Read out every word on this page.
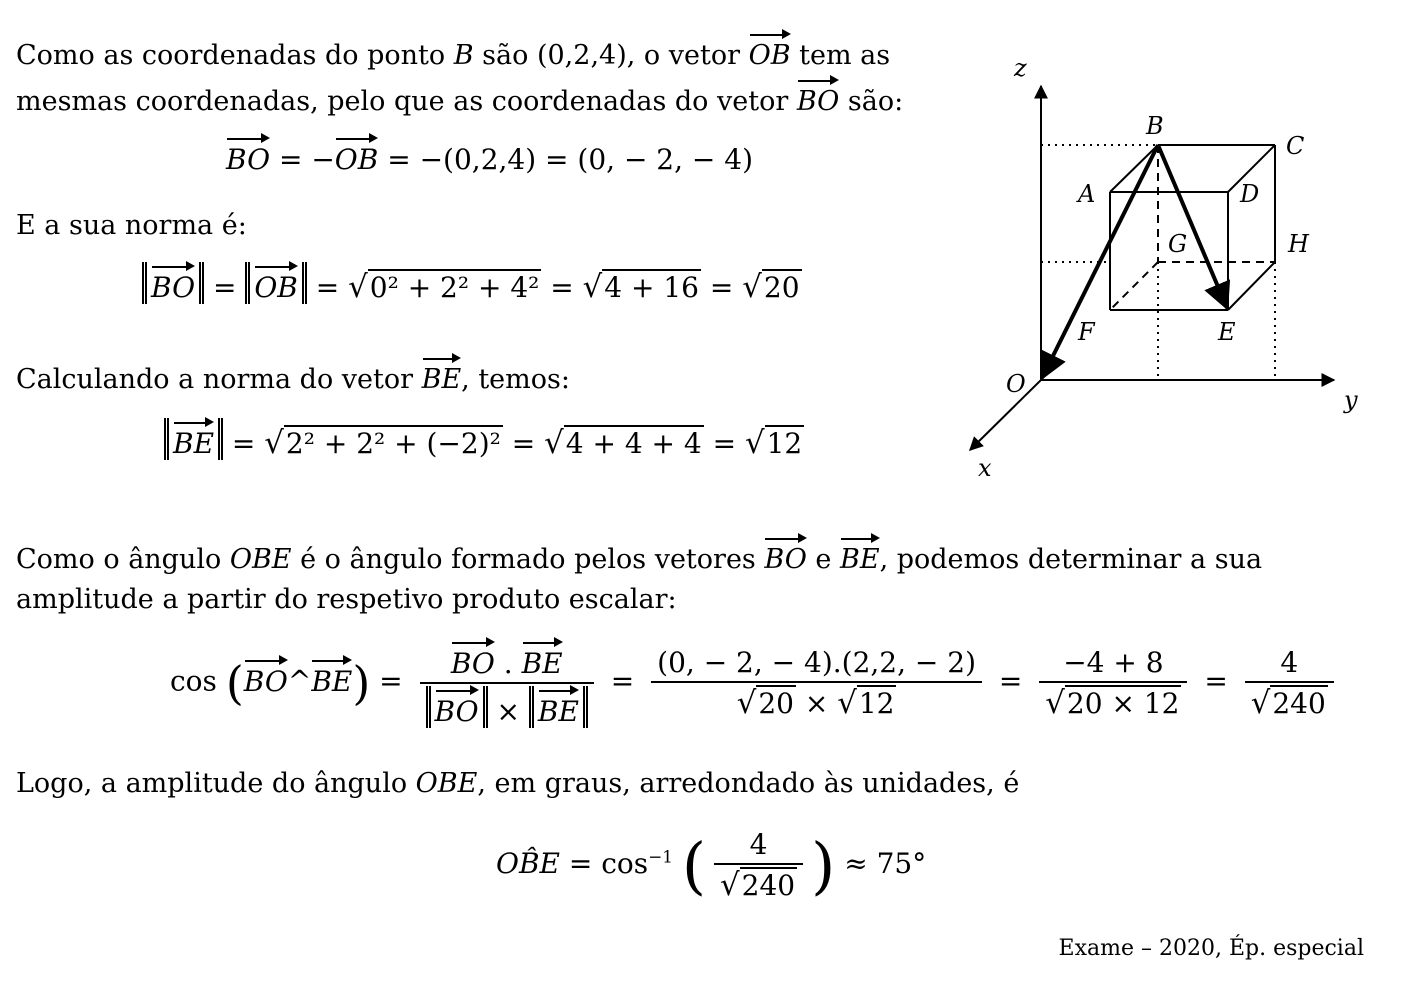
Como as coordenadas do ponto B são (0,2,4), o vetor OB tem as mesmas coordenadas, pelo que as coordenadas do vetor BO são:
BO = −OB = −(0,2,4) = (0, − 2, − 4)
E a sua norma é:
BO = OB = √0² + 2² + 4² = √4 + 16 = √20
Calculando a norma do vetor BE, temos:
BE = √2² + 2² + (−2)² = √4 + 4 + 4 = √12
z
y
x
O
A
B
C
D
E
F
G	H
Como o ângulo OBE é o ângulo formado pelos vetores BO e BE, podemos determinar a sua amplitude a partir do respetivo produto escalar:
cos (BO^BE) = $\frac{BO . BE}{BO \times BE} = \frac{(0, - 2, - 4).(2,2, - 2)}{√20 \times √12} = \frac{-4 + 8}{√20 \times 12} = \frac{4}{√240}$
Logo, a amplitude do ângulo OBE, em graus, arredondado às unidades, é
OB̂E = $\cos^{-1}$ ( $\frac{4}{√240}$ ) ≈ 75°
Exame – 2020, Ép. especial
